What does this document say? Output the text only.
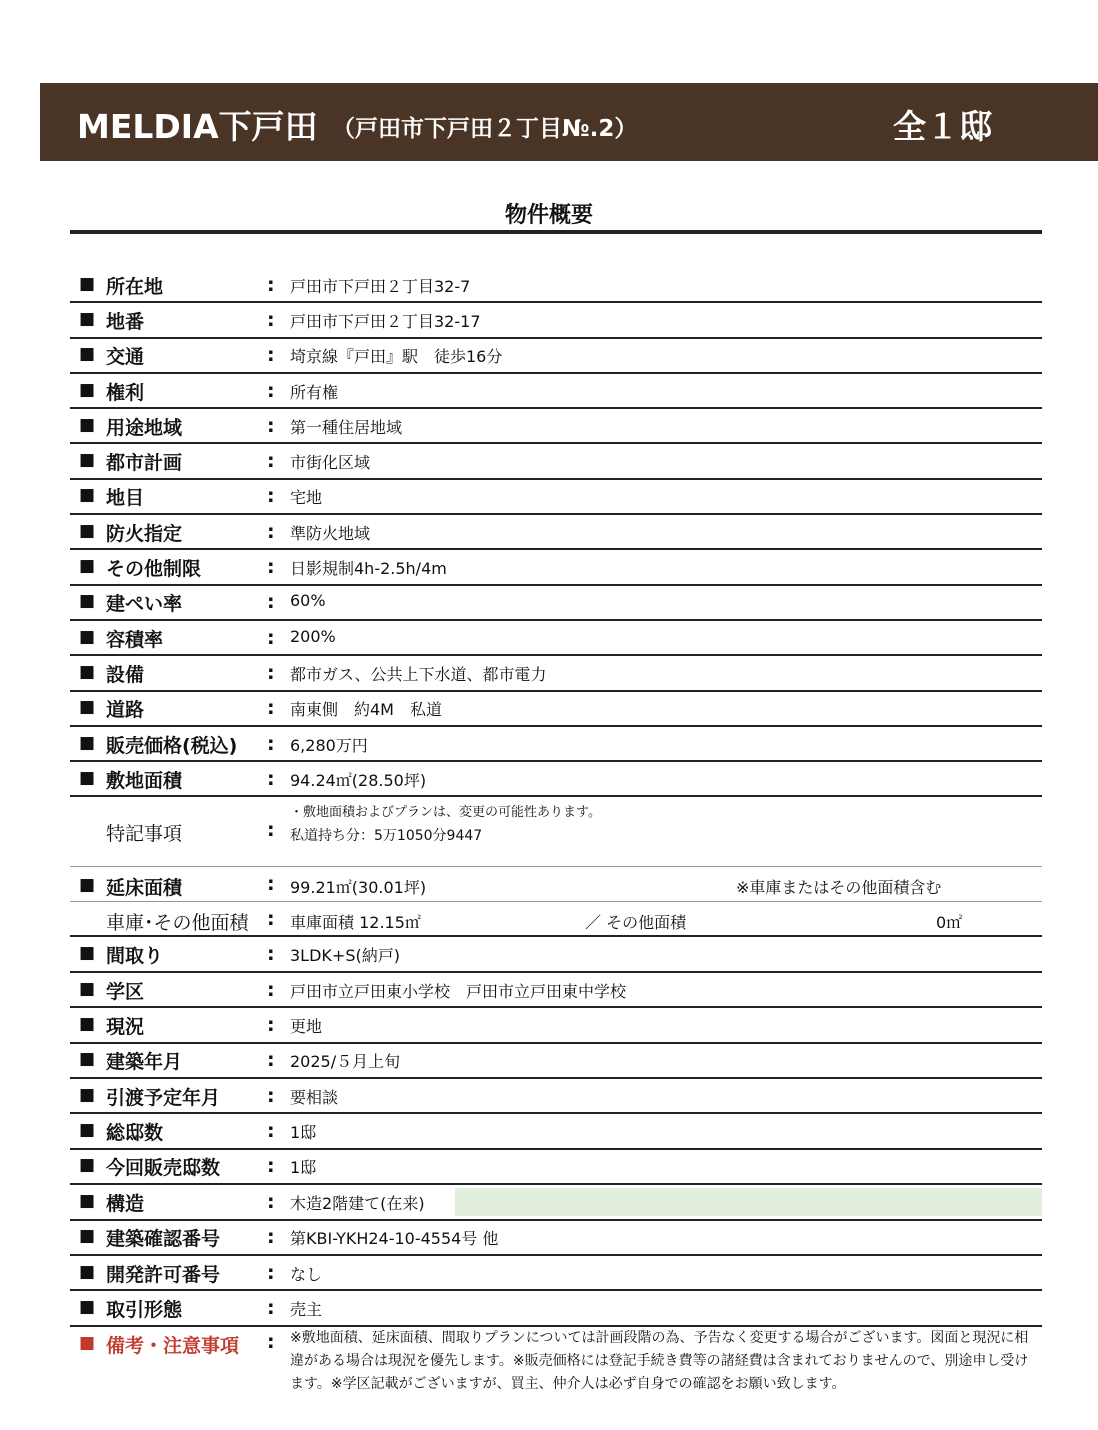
MELDIA下戸田 （戸田市下戸田２丁目№.2）	全１邸
物件概要
■ 所在地	: 戸田市下戸田２丁目32-7
■ 地番	: 戸田市下戸田２丁目32-17
■ 交通	: 埼京線『戸田』駅　徒歩16分
■ 権利	: 所有権
■ 用途地域	: 第一種住居地域
■ 都市計画	: 市街化区域
■ 地目	: 宅地
■ 防火指定	: 準防火地域
■ その他制限	: 日影規制4h-2.5h/4m
■ 建ぺい率	: 60%
■ 容積率	: 200%
■ 設備	: 都市ガス、公共上下水道、都市電力
■ 道路	: 南東側　約4M　私道
■ 販売価格(税込) : 6,280万円
■ 敷地面積	: 94.24㎡(28.50坪)
特記事項	:
・敷地面積およびプランは、変更の可能性あります。
私道持ち分：5万1050分9447
■ 延床面積	: 99.21㎡(30.01坪)	※車庫またはその他面積含む
車庫･その他面積 : 車庫面積 12.15㎡	／ その他面積	0㎡
■ 間取り	: 3LDK+S(納戸)
■ 学区	: 戸田市立戸田東小学校　戸田市立戸田東中学校
■ 現況	: 更地
■ 建築年月	: 2025/５月上旬
■ 引渡予定年月 : 要相談
■ 総邸数	: 1邸
■ 今回販売邸数 : 1邸
■ 構造	: 木造2階建て(在来)
■ 建築確認番号 : 第KBI-YKH24-10-4554号 他
■ 開発許可番号 : なし
■ 取引形態	: 売主
■ 備考・注意事項 : ※敷地面積、延床面積、間取りプランについては計画段階の為、予告なく変更する場合がございます。図面と現況に相違がある場合は現況を優先します。※販売価格には登記手続き費等の諸経費は含まれておりませんので、別途申し受けます。※学区記載がございますが、買主、仲介人は必ず自身での確認をお願い致します。
